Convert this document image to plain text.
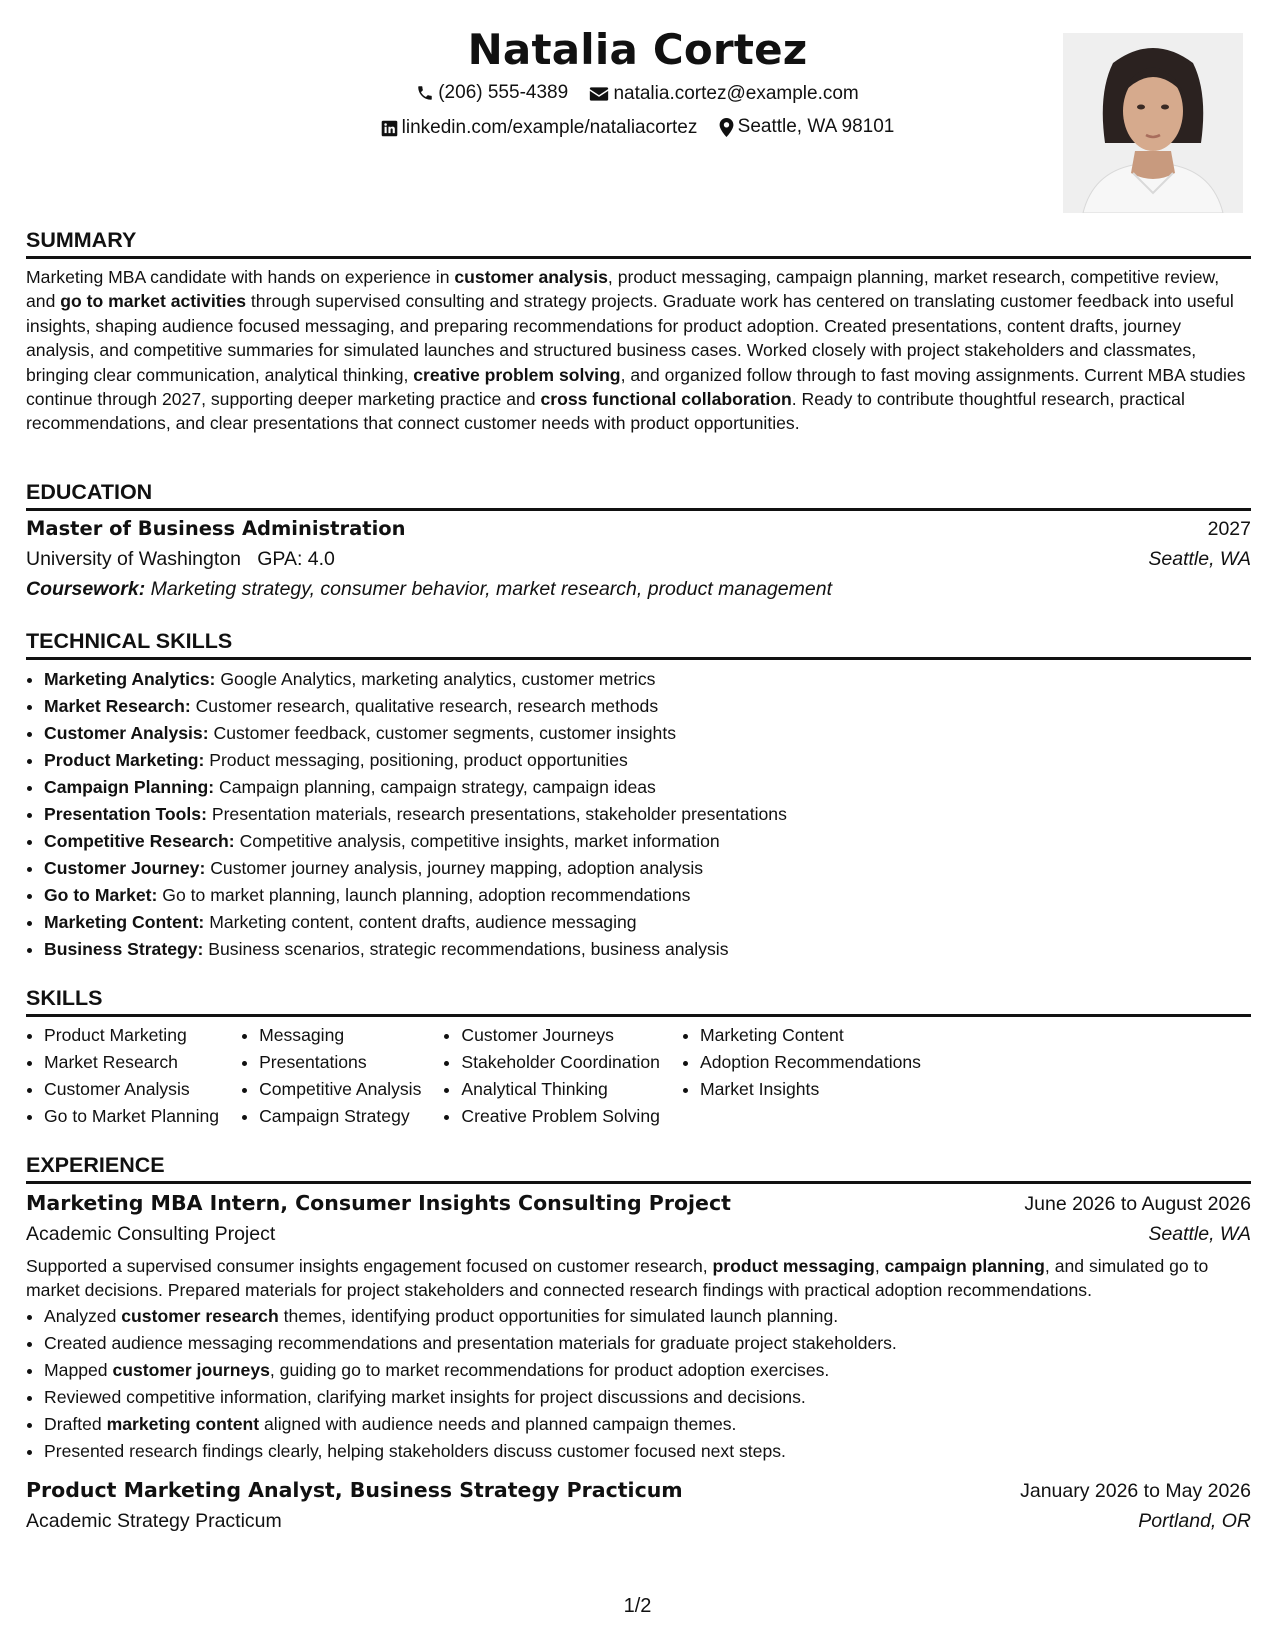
Natalia Cortez
(206) 555-4389
natalia.cortez@example.com
linkedin.com/example/nataliacortez
Seattle, WA 98101
SUMMARY
Marketing MBA candidate with hands on experience in customer analysis, product messaging, campaign planning, market research, competitive review, and go to market activities through supervised consulting and strategy projects. Graduate work has centered on translating customer feedback into useful insights, shaping audience focused messaging, and preparing recommendations for product adoption. Created presentations, content drafts, journey analysis, and competitive summaries for simulated launches and structured business cases. Worked closely with project stakeholders and classmates, bringing clear communication, analytical thinking, creative problem solving, and organized follow through to fast moving assignments. Current MBA studies continue through 2027, supporting deeper marketing practice and cross functional collaboration. Ready to contribute thoughtful research, practical recommendations, and clear presentations that connect customer needs with product opportunities.
EDUCATION
Master of Business Administration	2027
University of Washington GPA: 4.0	Seattle, WA
Coursework: Marketing strategy, consumer behavior, market research, product management
TECHNICAL SKILLS
• Marketing Analytics: Google Analytics, marketing analytics, customer metrics
• Market Research: Customer research, qualitative research, research methods
• Customer Analysis: Customer feedback, customer segments, customer insights
• Product Marketing: Product messaging, positioning, product opportunities
• Campaign Planning: Campaign planning, campaign strategy, campaign ideas
• Presentation Tools: Presentation materials, research presentations, stakeholder presentations
• Competitive Research: Competitive analysis, competitive insights, market information
• Customer Journey: Customer journey analysis, journey mapping, adoption analysis
• Go to Market: Go to market planning, launch planning, adoption recommendations
• Marketing Content: Marketing content, content drafts, audience messaging
• Business Strategy: Business scenarios, strategic recommendations, business analysis
SKILLS
• Product Marketing
• Market Research
• Customer Analysis
• Go to Market Planning
• Messaging
• Presentations
• Competitive Analysis
• Campaign Strategy
• Customer Journeys
• Stakeholder Coordination
• Analytical Thinking
• Creative Problem Solving
• Marketing Content
• Adoption Recommendations
• Market Insights
EXPERIENCE
Marketing MBA Intern, Consumer Insights Consulting Project	June 2026 to August 2026
Academic Consulting Project	Seattle, WA
Supported a supervised consumer insights engagement focused on customer research, product messaging, campaign planning, and simulated go to market decisions. Prepared materials for project stakeholders and connected research findings with practical adoption recommendations.
• Analyzed customer research themes, identifying product opportunities for simulated launch planning.
• Created audience messaging recommendations and presentation materials for graduate project stakeholders.
• Mapped customer journeys, guiding go to market recommendations for product adoption exercises.
• Reviewed competitive information, clarifying market insights for project discussions and decisions.
• Drafted marketing content aligned with audience needs and planned campaign themes.
• Presented research findings clearly, helping stakeholders discuss customer focused next steps.
Product Marketing Analyst, Business Strategy Practicum	January 2026 to May 2026
Academic Strategy Practicum	Portland, OR
1/2
